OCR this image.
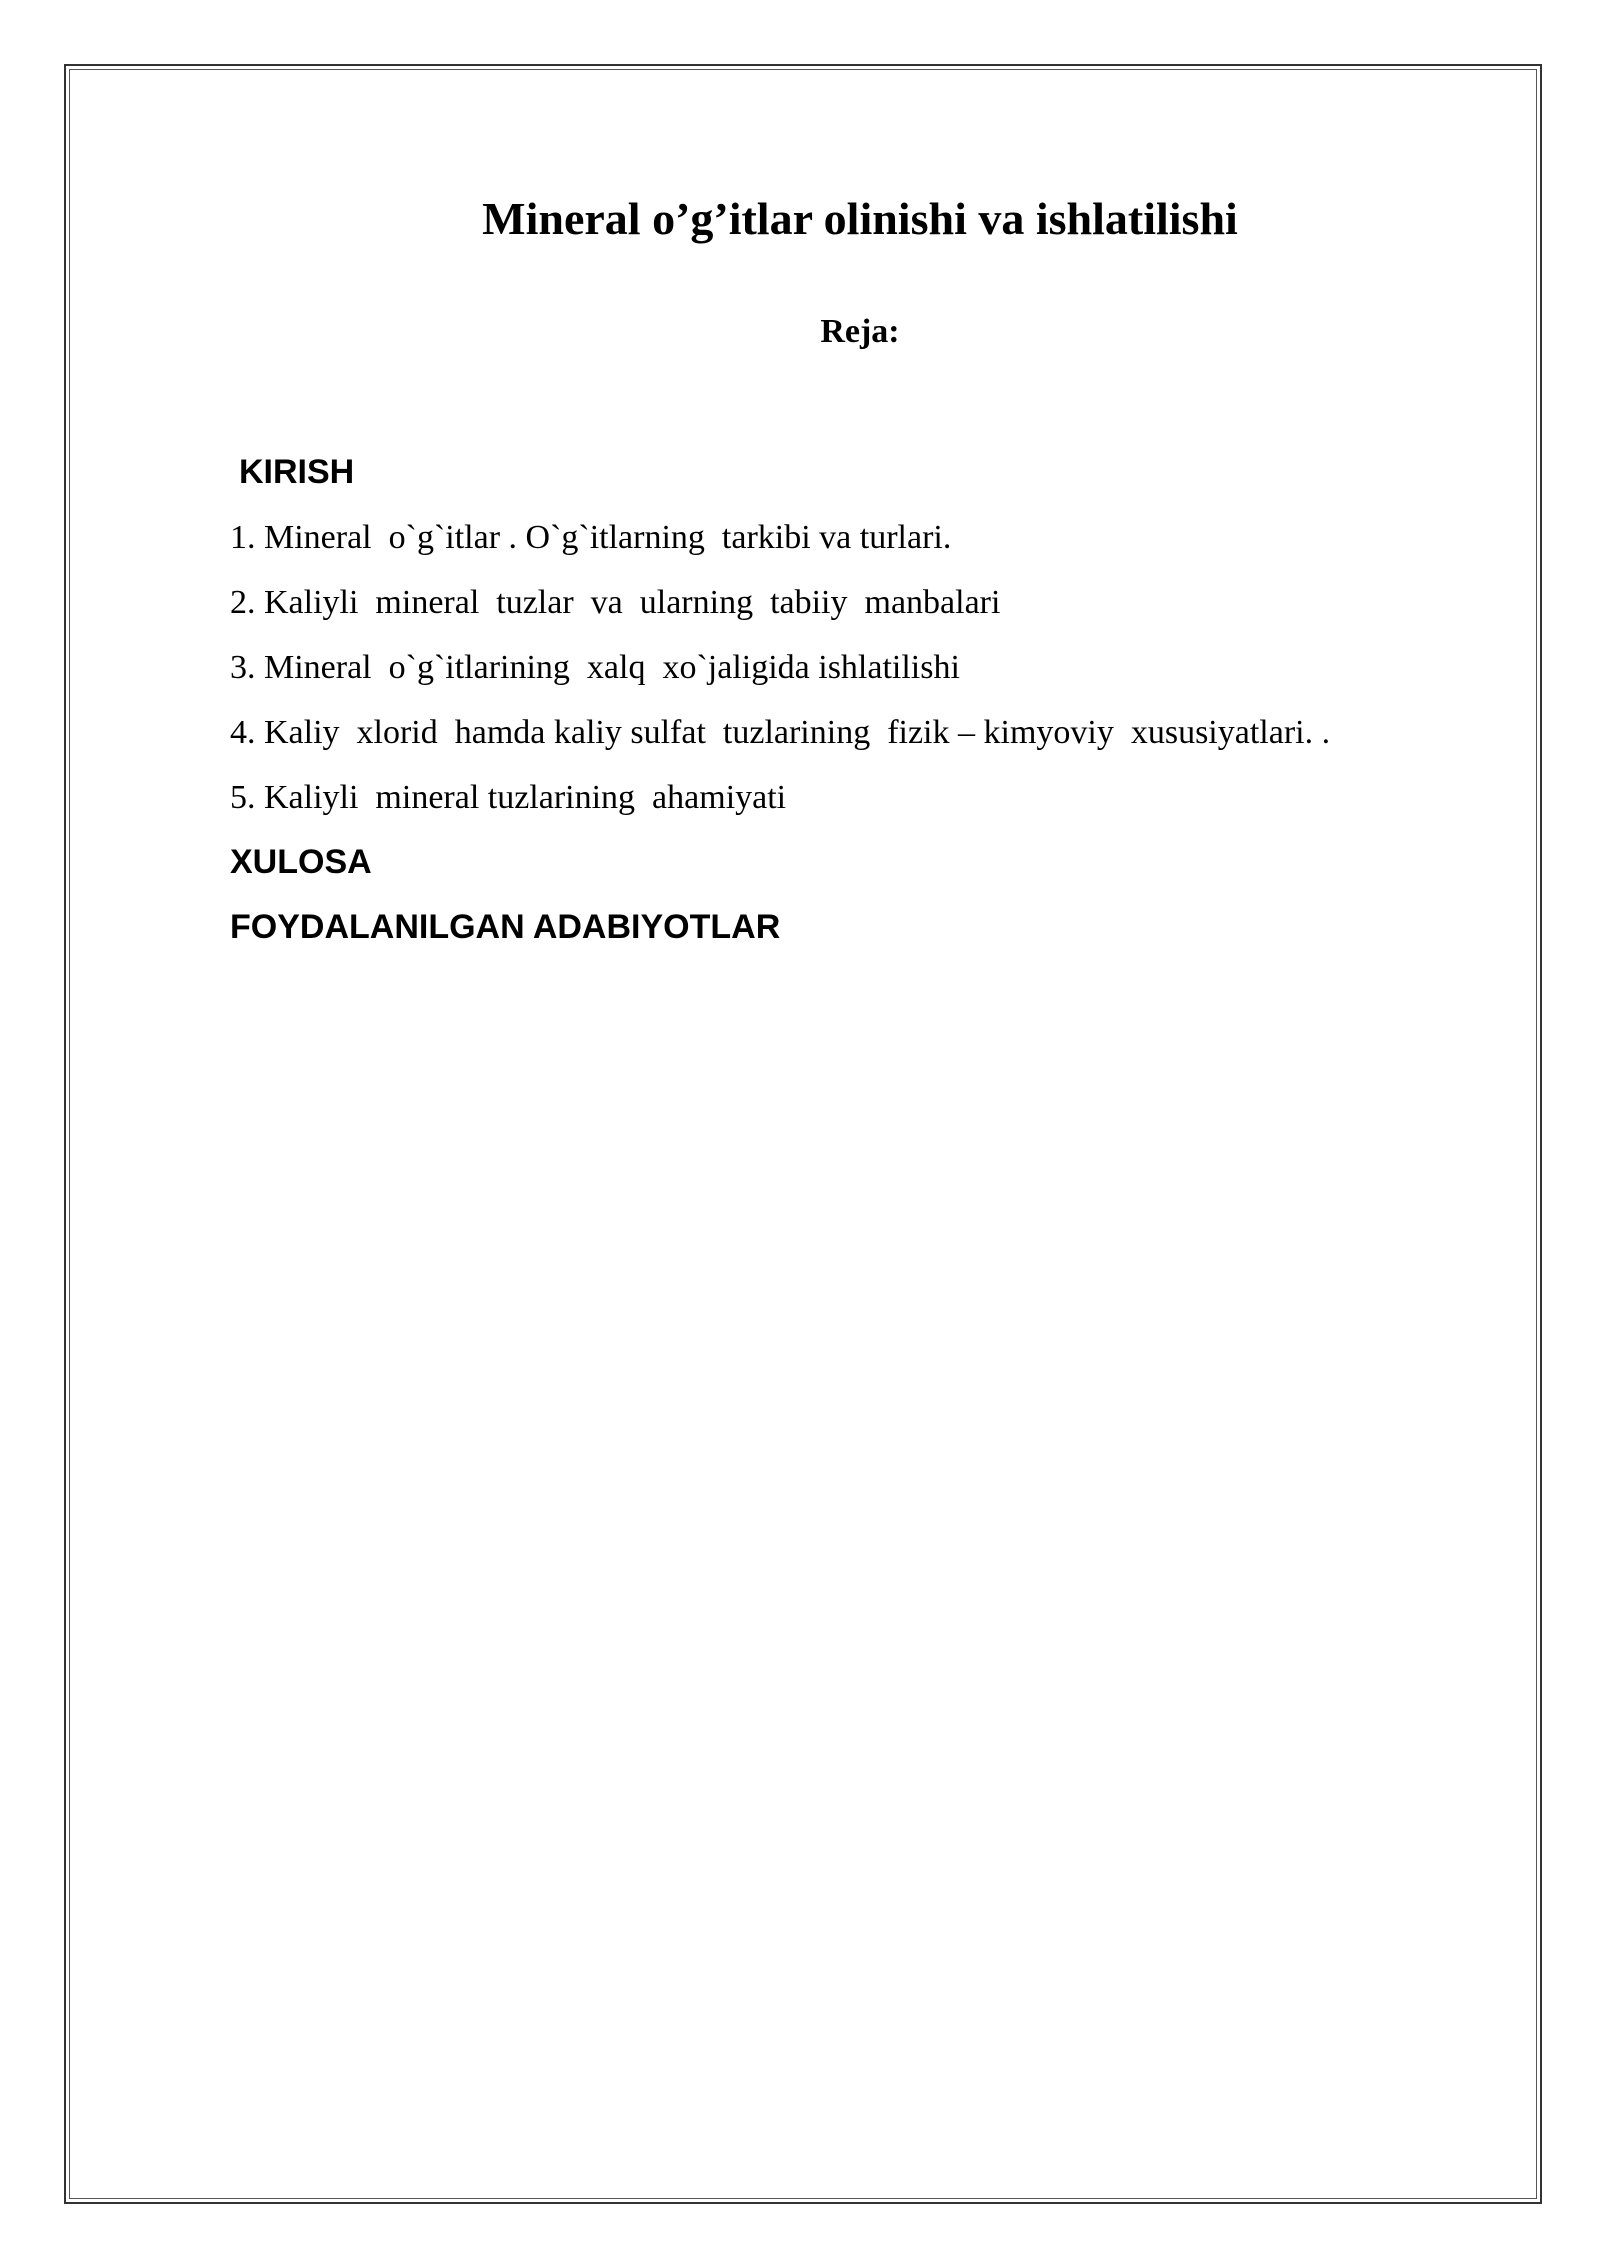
Mineral o’g’itlar olinishi va ishlatilishi
Reja:
KIRISH
1. Mineral  o`g`itlar . O`g`itlarning  tarkibi va turlari.
2. Kaliyli  mineral  tuzlar  va  ularning  tabiiy  manbalari
3. Mineral  o`g`itlarining  xalq  xo`jaligida ishlatilishi
4. Kaliy  xlorid  hamda kaliy sulfat  tuzlarining  fizik – kimyoviy  xususiyatlari. .
5. Kaliyli  mineral tuzlarining  ahamiyati
XULOSA
FOYDALANILGAN ADABIYOTLAR
